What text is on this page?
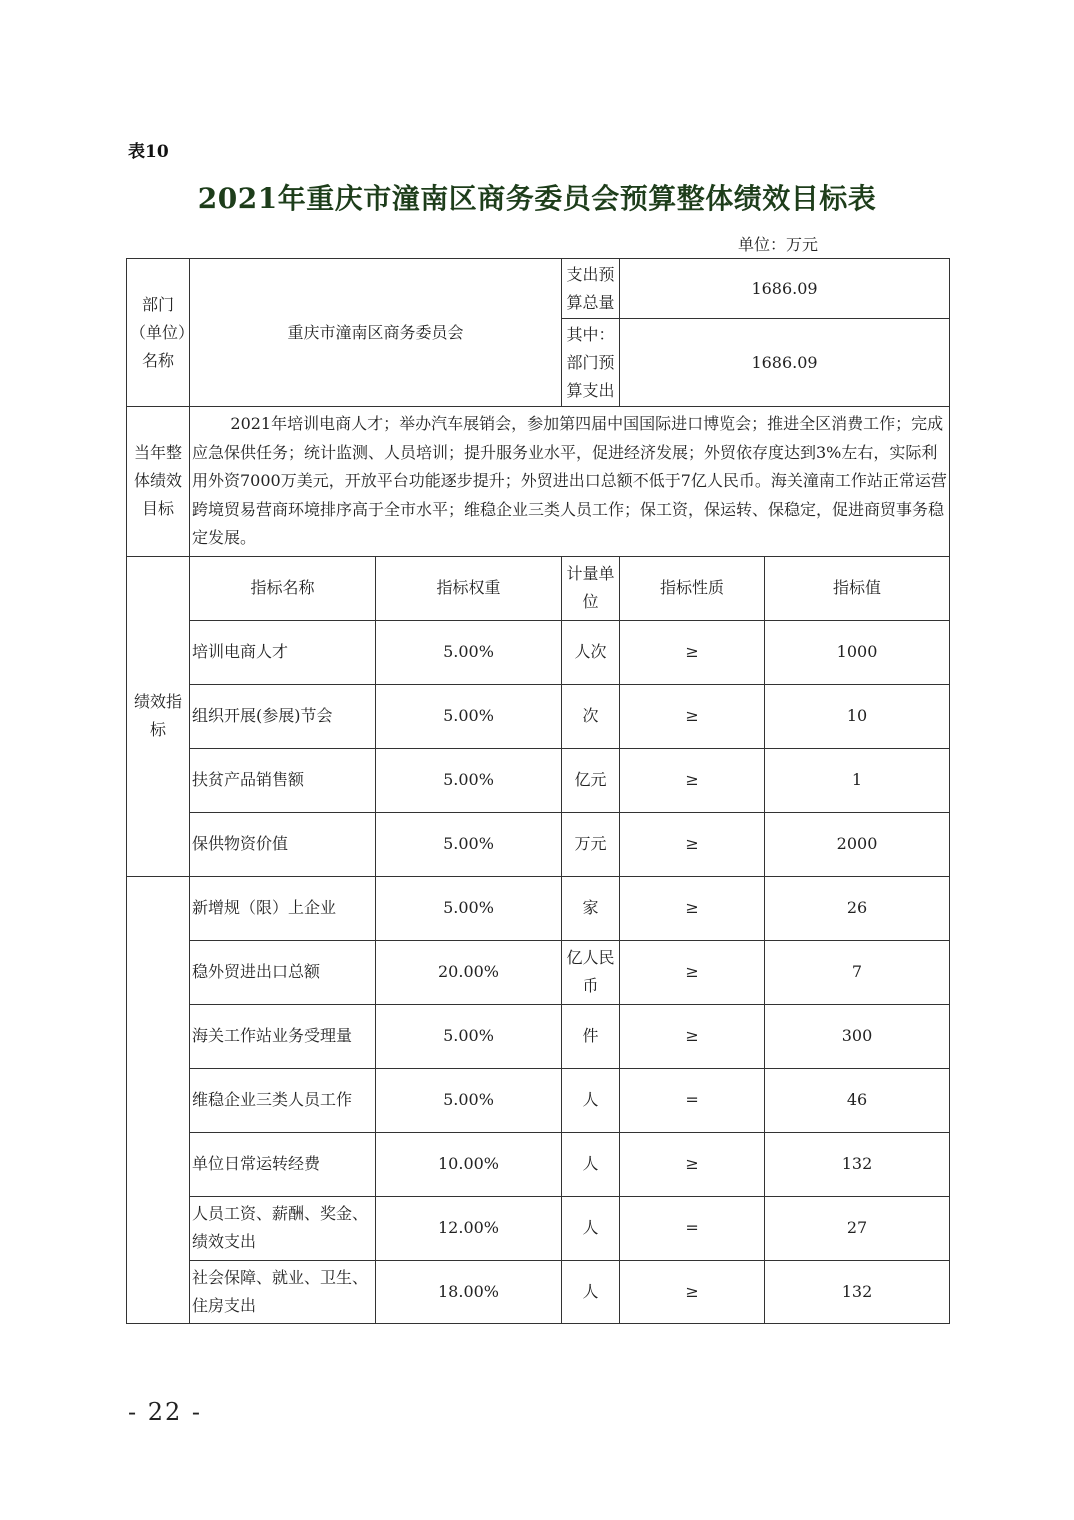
表10
2021年重庆市潼南区商务委员会预算整体绩效目标表
单位：万元
部门（单位）名称	重庆市潼南区商务委员会		支出预算总量	1686.09	
			其中：部门预算支出	1686.09	
当年整体绩效目标	2021年培训电商人才；举办汽车展销会，参加第四届中国国际进口博览会；推进全区消费工作；完成应急保供任务；统计监测、人员培训；提升服务业水平，促进经济发展；外贸依存度达到3%左右，实际利用外资7000万美元，开放平台功能逐步提升；外贸进出口总额不低于7亿人民币。海关潼南工作站正常运营跨境贸易营商环境排序高于全市水平；维稳企业三类人员工作；保工资，保运转、保稳定，促进商贸事务稳定发展。				
绩效指标	指标名称	指标权重	计量单位	指标性质	指标值
	培训电商人才	5.00%	人次	≥	1000
	组织开展(参展)节会	5.00%	次	≥	10
	扶贫产品销售额	5.00%	亿元	≥	1
	保供物资价值	5.00%	万元	≥	2000
	新增规（限）上企业	5.00%	家	≥	26
	稳外贸进出口总额	20.00%	亿人民币	≥	7
	海关工作站业务受理量	5.00%	件	≥	300
	维稳企业三类人员工作	5.00%	人	=	46
	单位日常运转经费	10.00%	人	≥	132
	人员工资、薪酬、奖金、绩效支出	12.00%	人	=	27
	社会保障、就业、卫生、住房支出	18.00%	人	≥	132
- 22 -
